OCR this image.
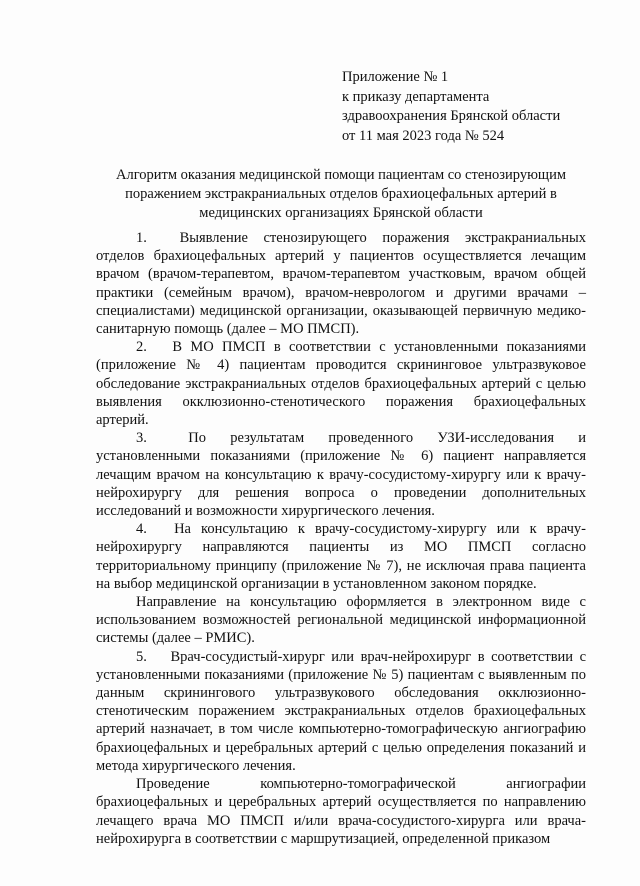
Приложение № 1
к приказу департамента
здравоохранения Брянской области
от 11 мая 2023 года № 524
Алгоритм оказания медицинской помощи пациентам со стенозирующим
поражением экстракраниальных отделов брахиоцефальных артерий в
медицинских организациях Брянской области

1. Выявление стенозирующего поражения экстракраниальных отделов брахиоцефальных артерий у пациентов осуществляется лечащим врачом (врачом-терапевтом, врачом-терапевтом участковым, врачом общей практики (семейным врачом), врачом-неврологом и другими врачами – специалистами) медицинской организации, оказывающей первичную медико-санитарную помощь (далее – МО ПМСП).

2. В МО ПМСП в соответствии с установленными показаниями (приложение № 4) пациентам проводится скрининговое ультразвуковое обследование экстракраниальных отделов брахиоцефальных артерий с целью выявления окклюзионно-стенотического поражения брахиоцефальных артерий.

3.	По результатам проведенного УЗИ-исследования и установленными показаниями (приложение № 6) пациент направляется лечащим врачом на консультацию к врачу-сосудистому-хирургу или к врачу-нейрохирургу для решения вопроса о проведении дополнительных исследований и возможности хирургического лечения.

4. На консультацию к врачу-сосудистому-хирургу или к врачу-нейрохирургу направляются пациенты из МО ПМСП согласно территориальному принципу (приложение № 7), не исключая права пациента на выбор медицинской организации в установленном законом порядке.

Направление на консультацию оформляется в электронном виде с использованием возможностей региональной медицинской информационной системы (далее – РМИС).

5. Врач-сосудистый-хирург или врач-нейрохирург в соответствии с установленными показаниями (приложение № 5) пациентам с выявленным по данным скринингового ультразвукового обследования окклюзионно-стенотическим поражением экстракраниальных отделов брахиоцефальных артерий назначает, в том числе компьютерно-томографическую ангиографию брахиоцефальных и церебральных артерий с целью определения показаний и метода хирургического лечения.

Проведение компьютерно-томографической ангиографии брахиоцефальных и церебральных артерий осуществляется по направлению лечащего врача МО ПМСП и/или врача-сосудистого-хирурга или врача-нейрохирурга в соответствии с маршрутизацией, определенной приказом
